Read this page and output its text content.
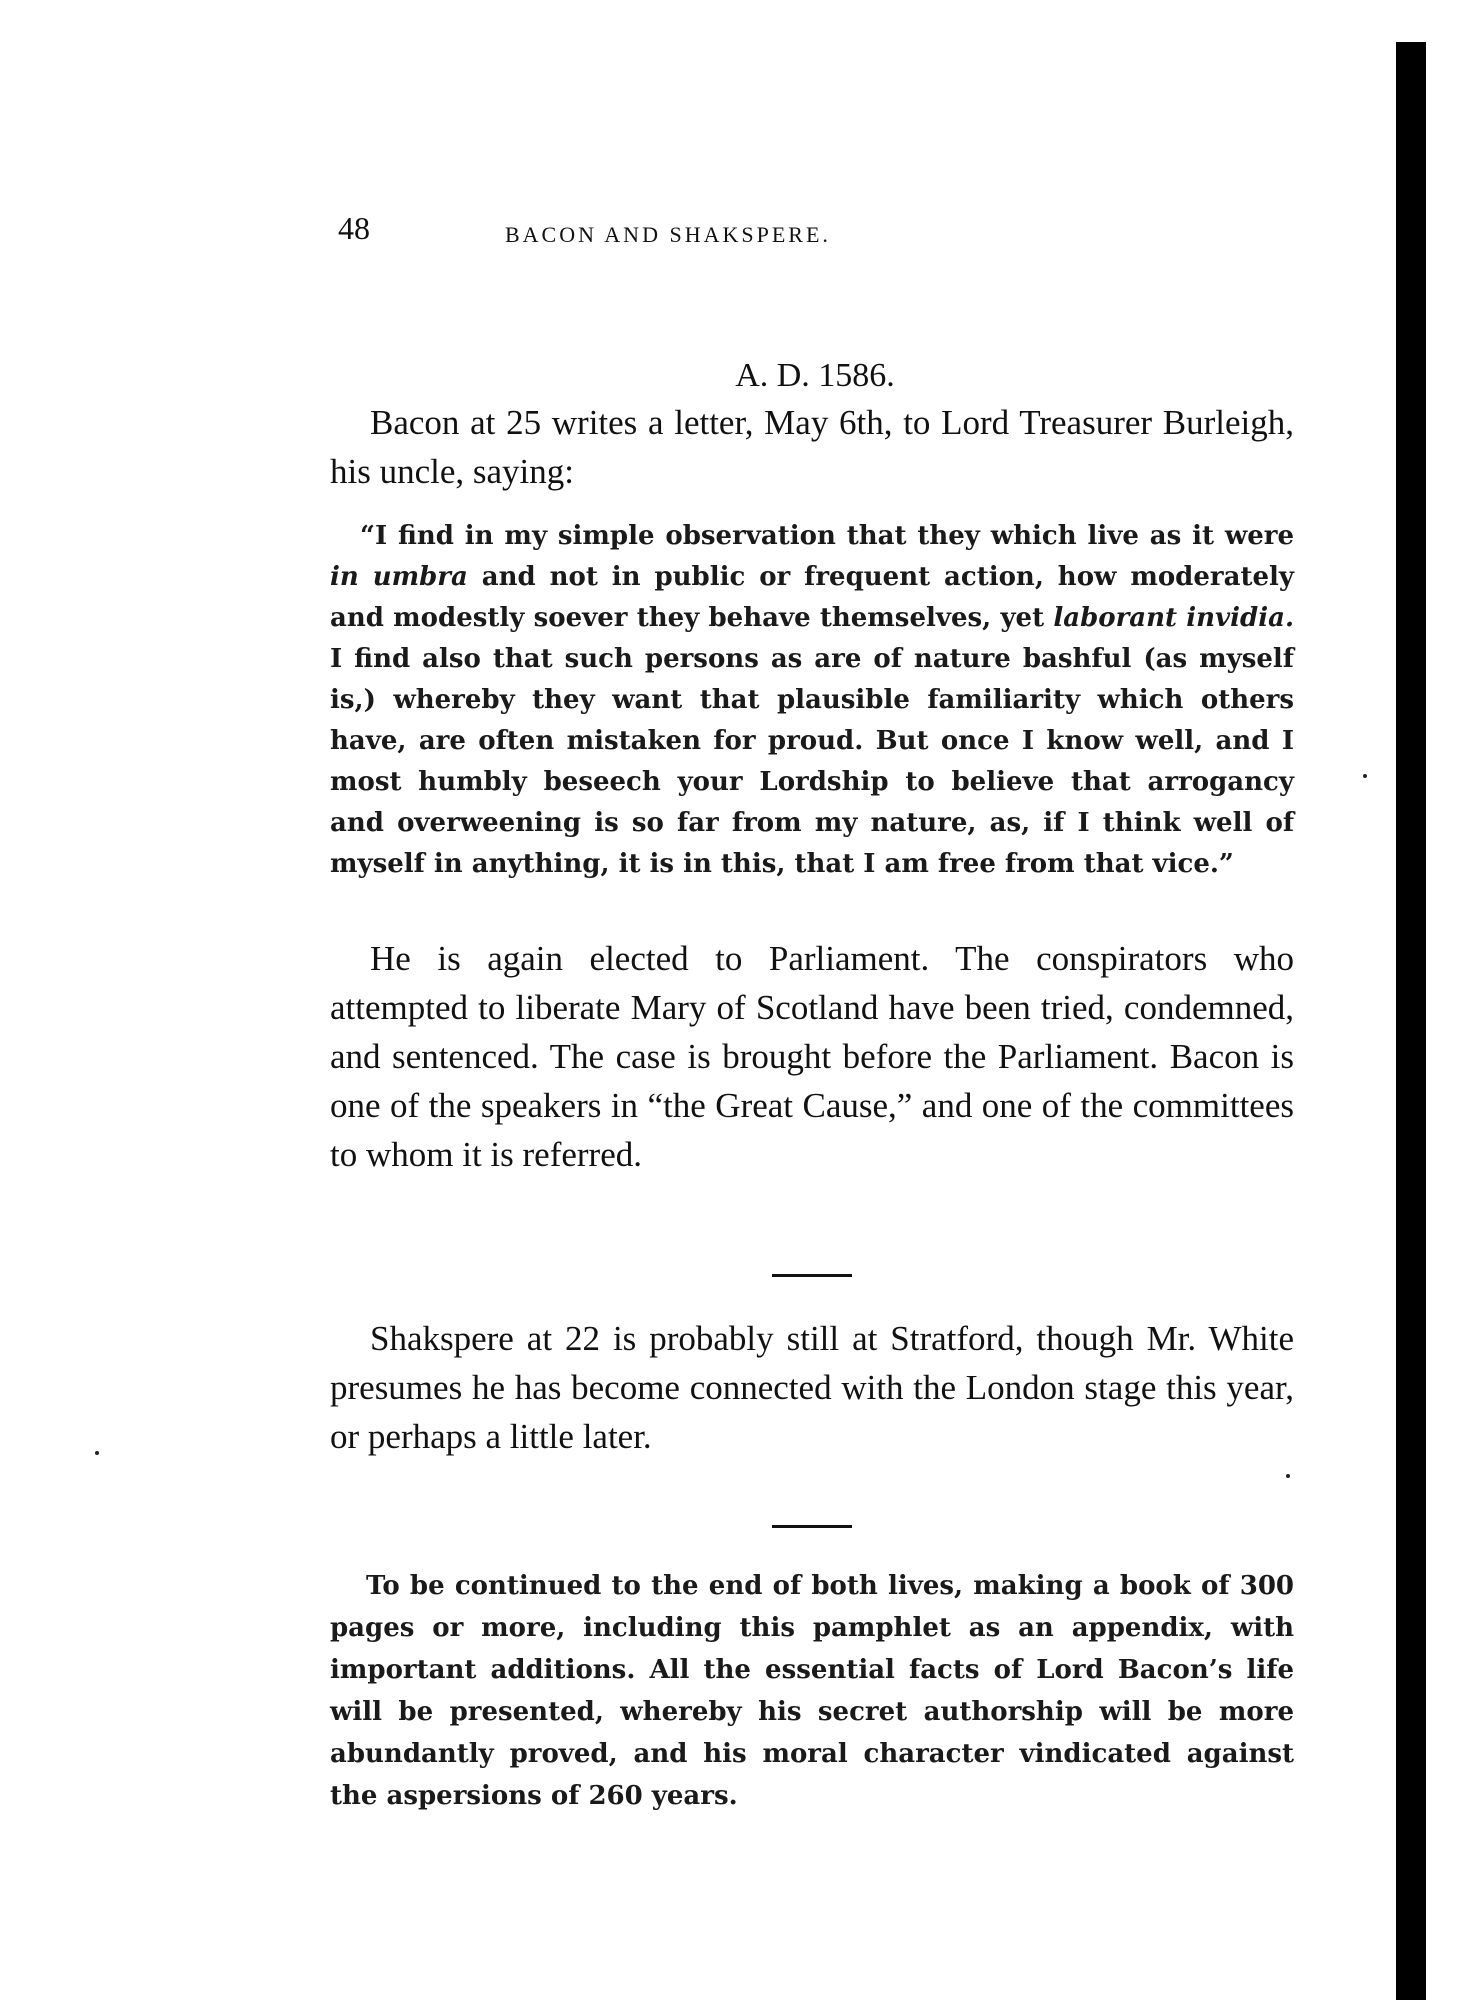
48	BACON AND SHAKSPERE.
A. D. 1586.

Bacon at 25 writes a letter, May 6th, to Lord Treasurer Burleigh, his uncle, saying:

“I find in my simple observation that they which live as it were in umbra and not in public or frequent action, how moderately and modestly soever they behave themselves, yet laborant invidia. I find also that such persons as are of nature bashful (as myself is,) whereby they want that plausible familiarity which others have, are often mistaken for proud. But once I know well, and I most humbly beseech your Lordship to believe that arrogancy and overweening is so far from my nature, as, if I think well of myself in anything, it is in this, that I am free from that vice.”

He is again elected to Parliament. The conspirators who attempted to liberate Mary of Scotland have been tried, condemned, and sentenced. The case is brought before the Parliament. Bacon is one of the speakers in “the Great Cause,” and one of the committees to whom it is referred.

Shakspere at 22 is probably still at Stratford, though Mr. White presumes he has become connected with the London stage this year, or perhaps a little later.

To be continued to the end of both lives, making a book of 300 pages or more, including this pamphlet as an appendix, with important additions. All the essential facts of Lord Bacon’s life will be presented, whereby his secret authorship will be more abundantly proved, and his moral character vindicated against the aspersions of 260 years.
